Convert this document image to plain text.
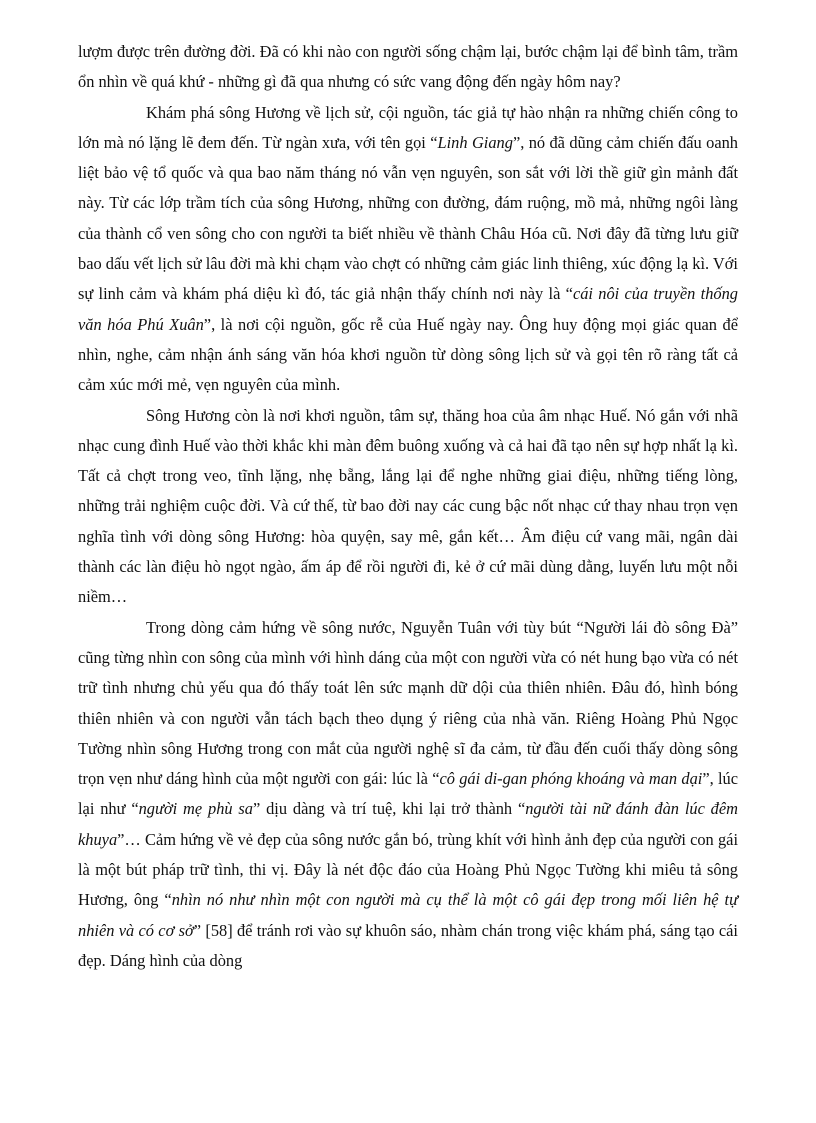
lượm được trên đường đời. Đã có khi nào con người sống chậm lại, bước chậm lại để bình tâm, trầm ổn nhìn về quá khứ - những gì đã qua nhưng có sức vang động đến ngày hôm nay?

Khám phá sông Hương về lịch sử, cội nguồn, tác giả tự hào nhận ra những chiến công to lớn mà nó lặng lẽ đem đến. Từ ngàn xưa, với tên gọi “Linh Giang”, nó đã dũng cảm chiến đấu oanh liệt bảo vệ tổ quốc và qua bao năm tháng nó vẫn vẹn nguyên, son sắt với lời thề giữ gìn mảnh đất này. Từ các lớp trầm tích của sông Hương, những con đường, đám ruộng, mồ mả, những ngôi làng của thành cổ ven sông cho con người ta biết nhiều về thành Châu Hóa cũ. Nơi đây đã từng lưu giữ bao dấu vết lịch sử lâu đời mà khi chạm vào chợt có những cảm giác linh thiêng, xúc động lạ kì. Với sự linh cảm và khám phá diệu kì đó, tác giả nhận thấy chính nơi này là “cái nôi của truyền thống văn hóa Phú Xuân”, là nơi cội nguồn, gốc rễ của Huế ngày nay. Ông huy động mọi giác quan để nhìn, nghe, cảm nhận ánh sáng văn hóa khơi nguồn từ dòng sông lịch sử và gọi tên rõ ràng tất cả cảm xúc mới mẻ, vẹn nguyên của mình.

Sông Hương còn là nơi khơi nguồn, tâm sự, thăng hoa của âm nhạc Huế. Nó gắn với nhã nhạc cung đình Huế vào thời khắc khi màn đêm buông xuống và cả hai đã tạo nên sự hợp nhất lạ kì. Tất cả chợt trong veo, tĩnh lặng, nhẹ bẵng, lắng lại để nghe những giai điệu, những tiếng lòng, những trải nghiệm cuộc đời. Và cứ thế, từ bao đời nay các cung bậc nốt nhạc cứ thay nhau trọn vẹn nghĩa tình với dòng sông Hương: hòa quyện, say mê, gắn kết… Âm điệu cứ vang mãi, ngân dài thành các làn điệu hò ngọt ngào, ấm áp để rồi người đi, kẻ ở cứ mãi dùng dằng, luyến lưu một nỗi niềm…

Trong dòng cảm hứng về sông nước, Nguyễn Tuân với tùy bút “Người lái đò sông Đà” cũng từng nhìn con sông của mình với hình dáng của một con người vừa có nét hung bạo vừa có nét trữ tình nhưng chủ yếu qua đó thấy toát lên sức mạnh dữ dội của thiên nhiên. Đâu đó, hình bóng thiên nhiên và con người vẫn tách bạch theo dụng ý riêng của nhà văn. Riêng Hoàng Phủ Ngọc Tường nhìn sông Hương trong con mắt của người nghệ sĩ đa cảm, từ đầu đến cuối thấy dòng sông trọn vẹn như dáng hình của một người con gái: lúc là “cô gái di-gan phóng khoáng và man dại”, lúc lại như “người mẹ phù sa” dịu dàng và trí tuệ, khi lại trở thành “người tài nữ đánh đàn lúc đêm khuya”… Cảm hứng về vẻ đẹp của sông nước gắn bó, trùng khít với hình ảnh đẹp của người con gái là một bút pháp trữ tình, thi vị. Đây là nét độc đáo của Hoàng Phủ Ngọc Tường khi miêu tả sông Hương, ông “nhìn nó như nhìn một con người mà cụ thể là một cô gái đẹp trong mối liên hệ tự nhiên và có cơ sở” [58] để tránh rơi vào sự khuôn sáo, nhàm chán trong việc khám phá, sáng tạo cái đẹp. Dáng hình của dòng
